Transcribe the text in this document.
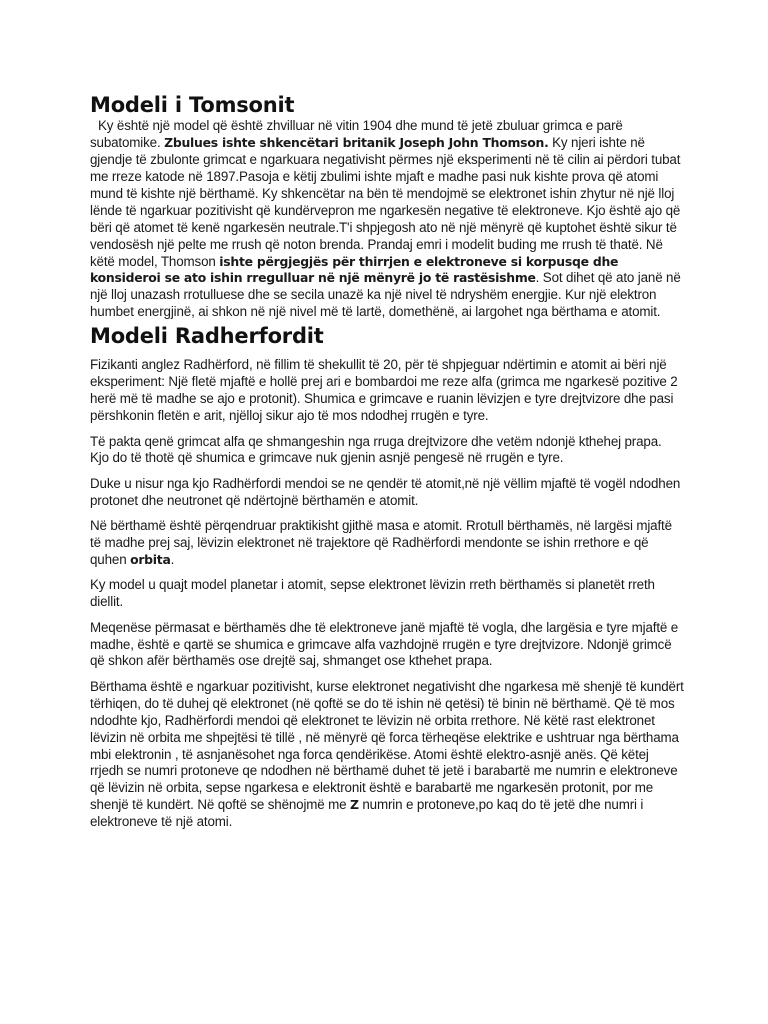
Modeli i Tomsonit

Ky është një model që është zhvilluar në vitin 1904 dhe mund të jetë zbuluar grimca e parë subatomike. Zbulues ishte shkencëtari britanik Joseph John Thomson. Ky njeri ishte në gjendje të zbulonte grimcat e ngarkuara negativisht përmes një eksperimenti në të cilin ai përdori tubat me rreze katode në 1897.Pasoja e këtij zbulimi ishte mjaft e madhe pasi nuk kishte prova që atomi mund të kishte një bërthamë. Ky shkencëtar na bën të mendojmë se elektronet ishin zhytur në një lloj lënde të ngarkuar pozitivisht që kundërvepron me ngarkesën negative të elektroneve. Kjo është ajo që bëri që atomet të kenë ngarkesën neutrale.T'i shpjegosh ato në një mënyrë që kuptohet është sikur të vendosësh një pelte me rrush që noton brenda. Prandaj emri i modelit buding me rrush të thatë. Në këtë model, Thomson ishte përgjegjës për thirrjen e elektroneve si korpusqe dhe konsideroi se ato ishin rregulluar në një mënyrë jo të rastësishme. Sot dihet që ato janë në një lloj unazash rrotulluese dhe se secila unazë ka një nivel të ndryshëm energjie. Kur një elektron humbet energjinë, ai shkon në një nivel më të lartë, domethënë, ai largohet nga bërthama e atomit.

Modeli Radherfordit

Fizikanti anglez Radhërford, në fillim të shekullit të 20, për të shpjeguar ndërtimin e atomit ai bëri një eksperiment: Një fletë mjaftë e hollë prej ari e bombardoi me reze alfa (grimca me ngarkesë pozitive 2 herë më të madhe se ajo e protonit). Shumica e grimcave e ruanin lëvizjen e tyre drejtvizore dhe pasi përshkonin fletën e arit, njëlloj sikur ajo të mos ndodhej rrugën e tyre.

Të pakta qenë grimcat alfa qe shmangeshin nga rruga drejtvizore dhe vetëm ndonjë kthehej prapa. Kjo do të thotë që shumica e grimcave nuk gjenin asnjë pengesë në rrugën e tyre.

Duke u nisur nga kjo Radhërfordi mendoi se ne qendër të atomit,në një vëllim mjaftë të vogël ndodhen protonet dhe neutronet që ndërtojnë bërthamën e atomit.

Në bërthamë është përqendruar praktikisht gjithë masa e atomit. Rrotull bërthamës, në largësi mjaftë të madhe prej saj, lëvizin elektronet në trajektore që Radhërfordi mendonte se ishin rrethore e që quhen orbita.

Ky model u quajt model planetar i atomit, sepse elektronet lëvizin rreth bërthamës si planetët rreth diellit.

Meqenëse përmasat e bërthamës dhe të elektroneve janë mjaftë të vogla, dhe largësia e tyre mjaftë e madhe, është e qartë se shumica e grimcave alfa vazhdojnë rrugën e tyre drejtvizore. Ndonjë grimcë që shkon afër bërthamës ose drejtë saj, shmanget ose kthehet prapa.

Bërthama është e ngarkuar pozitivisht, kurse elektronet negativisht dhe ngarkesa më shenjë të kundërt tërhiqen, do të duhej që elektronet (në qoftë se do të ishin në qetësi) të binin në bërthamë. Që të mos ndodhte kjo, Radhërfordi mendoi që elektronet te lëvizin në orbita rrethore. Në këtë rast elektronet lëvizin në orbita me shpejtësi të tillë , në mënyrë që forca tërheqëse elektrike e ushtruar nga bërthama mbi elektronin , të asnjanësohet nga forca qendërikëse. Atomi është elektro-asnjë anës. Që këtej rrjedh se numri protoneve qe ndodhen në bërthamë duhet të jetë i barabartë me numrin e elektroneve që lëvizin në orbita, sepse ngarkesa e elektronit është e barabartë me ngarkesën protonit, por me shenjë të kundërt. Në qoftë se shënojmë me Z numrin e protoneve,po kaq do të jetë dhe numri i elektroneve të një atomi.
